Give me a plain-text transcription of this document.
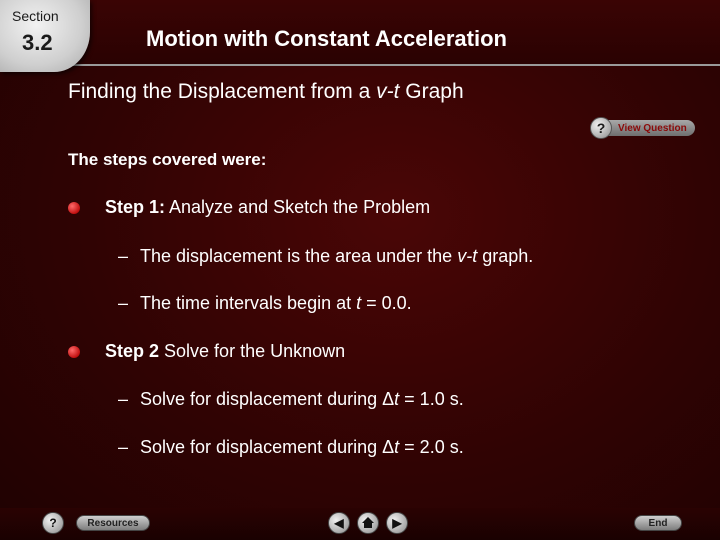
Section
3.2	Motion with Constant Acceleration
Finding the Displacement from a v-t Graph
?	View Question
The steps covered were:
Step 1: Analyze and Sketch the Problem
– The displacement is the area under the v-t graph.
– The time intervals begin at t = 0.0.
Step 2 Solve for the Unknown
– Solve for displacement during Δt = 1.0 s.
– Solve for displacement during Δt = 2.0 s.
?	Resources	◀	▶	End
